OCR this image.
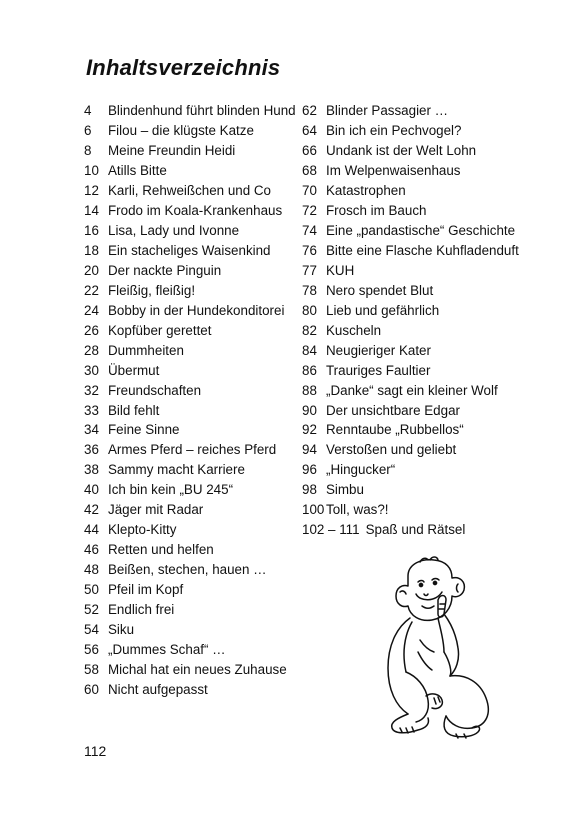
Inhaltsverzeichnis
4	Blindenhund führt blinden Hund
6	Filou – die klügste Katze
8	Meine Freundin Heidi
10 Atills Bitte
12 Karli, Rehweißchen und Co
14 Frodo im Koala-Krankenhaus
16 Lisa, Lady und Ivonne
18 Ein stacheliges Waisenkind
20 Der nackte Pinguin
22 Fleißig, fleißig!
24 Bobby in der Hundekonditorei
26 Kopfüber gerettet
28 Dummheiten
30 Übermut
32 Freundschaften
33 Bild fehlt
34 Feine Sinne
36 Armes Pferd – reiches Pferd
38 Sammy macht Karriere
40 Ich bin kein „BU 245“
42 Jäger mit Radar
44 Klepto-Kitty
46 Retten und helfen
48 Beißen, stechen, hauen …
50 Pfeil im Kopf
52 Endlich frei
54 Siku
56 „Dummes Schaf“ …
58 Michal hat ein neues Zuhause
60 Nicht aufgepasst
62 Blinder Passagier …
64 Bin ich ein Pechvogel?
66 Undank ist der Welt Lohn
68 Im Welpenwaisenhaus
70 Katastrophen
72 Frosch im Bauch
74 Eine „pandastische“ Geschichte
76 Bitte eine Flasche Kuhfladenduft
77 KUH
78 Nero spendet Blut
80 Lieb und gefährlich
82 Kuscheln
84 Neugieriger Kater
86 Trauriges Faultier
88 „Danke“ sagt ein kleiner Wolf
90 Der unsichtbare Edgar
92 Renntaube „Rubbellos“
94 Verstoßen und geliebt
96 „Hingucker“
98 Simbu
100 Toll, was?!
102 – 111 Spaß und Rätsel
112
